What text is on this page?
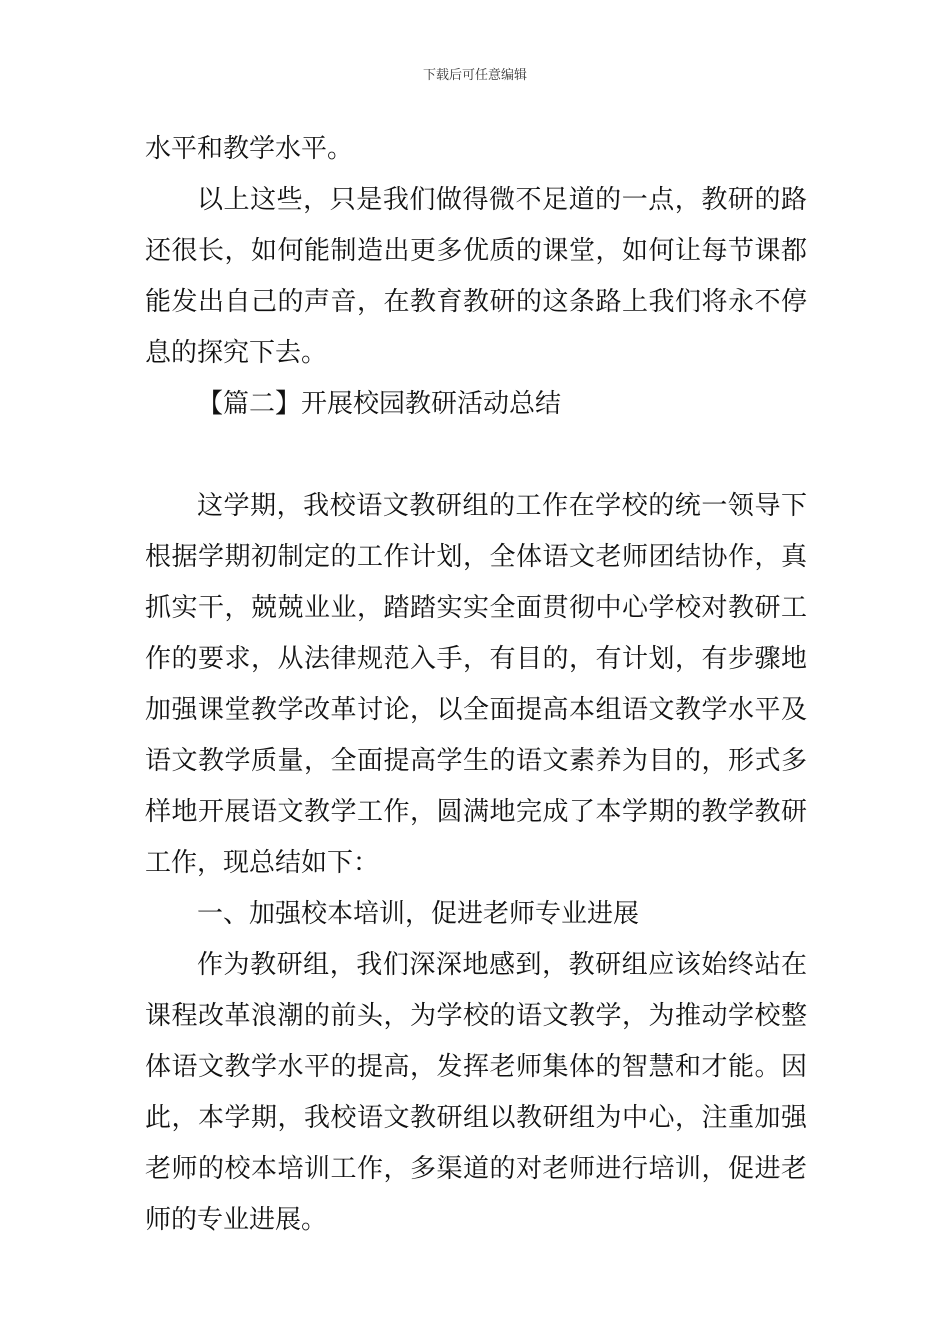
下载后可任意编辑
水平和教学水平。
以上这些，只是我们做得微不足道的一点，教研的路
还很长，如何能制造出更多优质的课堂，如何让每节课都
能发出自己的声音，在教育教研的这条路上我们将永不停
息的探究下去。
【篇二】开展校园教研活动总结
这学期，我校语文教研组的工作在学校的统一领导下
根据学期初制定的工作计划，全体语文老师团结协作，真
抓实干，兢兢业业，踏踏实实全面贯彻中心学校对教研工
作的要求，从法律规范入手，有目的，有计划，有步骤地
加强课堂教学改革讨论，以全面提高本组语文教学水平及
语文教学质量，全面提高学生的语文素养为目的，形式多
样地开展语文教学工作，圆满地完成了本学期的教学教研
工作，现总结如下：
一、加强校本培训，促进老师专业进展
作为教研组，我们深深地感到，教研组应该始终站在
课程改革浪潮的前头，为学校的语文教学，为推动学校整
体语文教学水平的提高，发挥老师集体的智慧和才能。因
此，本学期，我校语文教研组以教研组为中心，注重加强
老师的校本培训工作，多渠道的对老师进行培训，促进老
师的专业进展。
